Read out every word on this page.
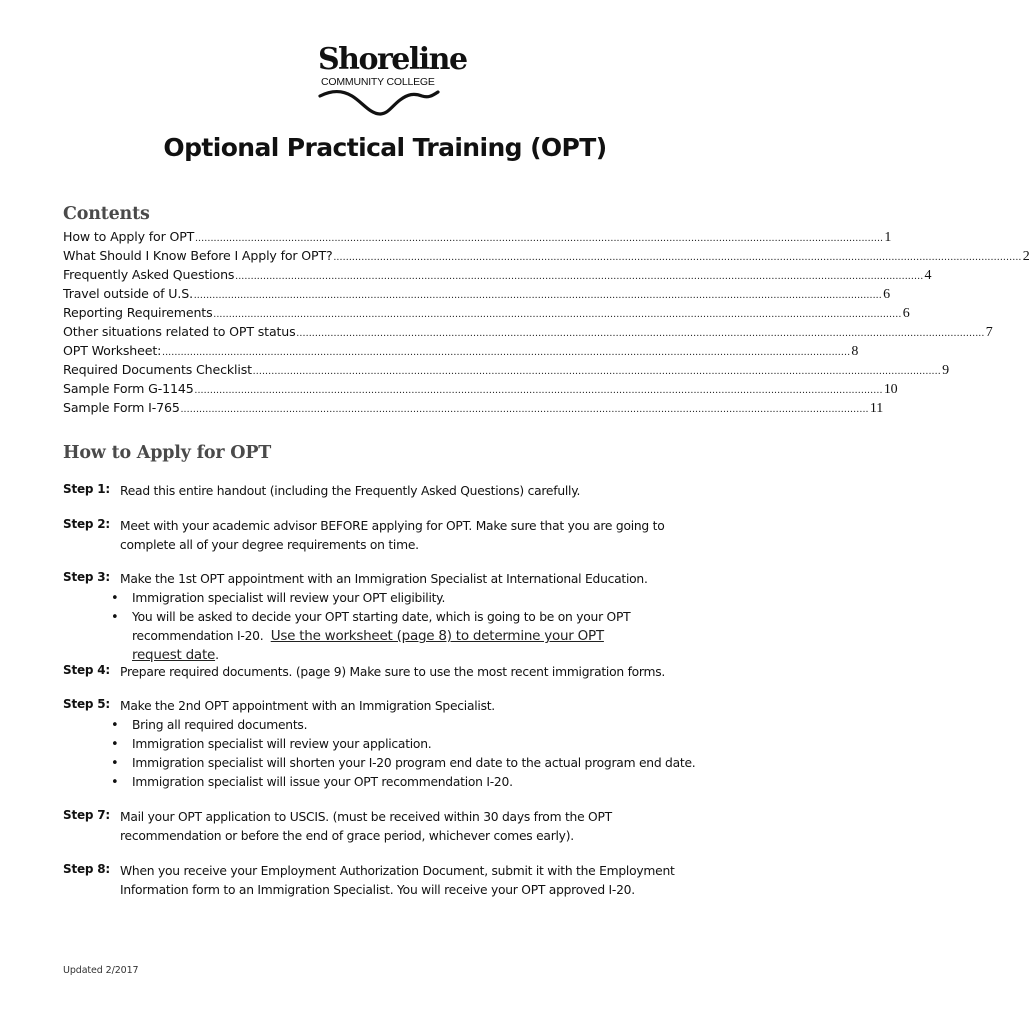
Shoreline
COMMUNITY COLLEGE
Optional Practical Training (OPT)
Contents
How to Apply for OPT .............................................................................................................................................................................................................................. 1
What Should I Know Before I Apply for OPT? .............................................................................................................................................................................................................................. 2
Frequently Asked Questions .............................................................................................................................................................................................................................. 4
Travel outside of U.S. .............................................................................................................................................................................................................................. 6
Reporting Requirements .............................................................................................................................................................................................................................. 6
Other situations related to OPT status .............................................................................................................................................................................................................................. 7
OPT Worksheet: .............................................................................................................................................................................................................................. 8
Required Documents Checklist .............................................................................................................................................................................................................................. 9
Sample Form G-1145 .............................................................................................................................................................................................................................. 10
Sample Form I-765 .............................................................................................................................................................................................................................. 11
How to Apply for OPT
Step 1: Read this entire handout (including the Frequently Asked Questions) carefully.

Step 2: Meet with your academic advisor BEFORE applying for OPT. Make sure that you are going to complete all of your degree requirements on time.

Step 3: Make the 1st OPT appointment with an Immigration Specialist at International Education.

• Immigration specialist will review your OPT eligibility.
• You will be asked to decide your OPT starting date, which is going to be on your OPT recommendation I-20. Use the worksheet (page 8) to determine your OPT request date.
Step 4: Prepare required documents. (page 9) Make sure to use the most recent immigration forms.

Step 5: Make the 2nd OPT appointment with an Immigration Specialist.

• Bring all required documents.
• Immigration specialist will review your application.
• Immigration specialist will shorten your I-20 program end date to the actual program end date.
• Immigration specialist will issue your OPT recommendation I-20.
Step 7: Mail your OPT application to USCIS. (must be received within 30 days from the OPT recommendation or before the end of grace period, whichever comes early).

Step 8: When you receive your Employment Authorization Document, submit it with the Employment Information form to an Immigration Specialist. You will receive your OPT approved I-20.

Updated 2/2017
